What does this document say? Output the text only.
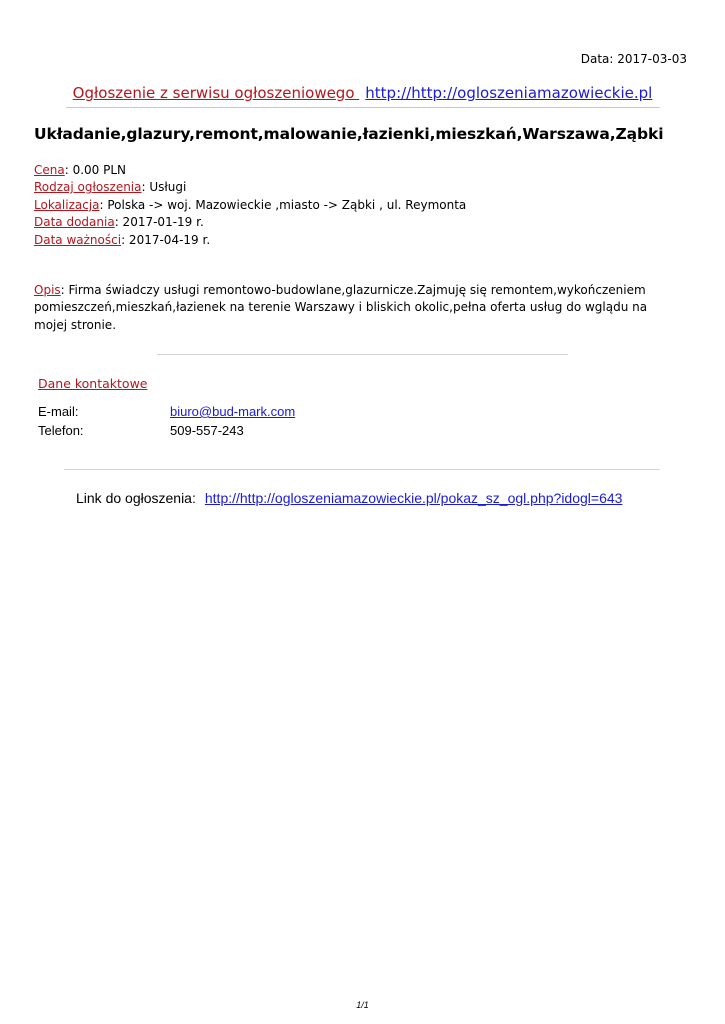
Data: 2017-03-03
Ogłoszenie z serwisu ogłoszeniowego http://http://ogloszeniamazowieckie.pl
Układanie,glazury,remont,malowanie,łazienki,mieszkań,Warszawa,Ząbki
Cena: 0.00 PLN
Rodzaj ogłoszenia: Usługi
Lokalizacja: Polska -> woj. Mazowieckie ,miasto -> Ząbki , ul. Reymonta
Data dodania: 2017-01-19 r.
Data ważności: 2017-04-19 r.
Opis: Firma świadczy usługi remontowo-budowlane,glazurnicze.Zajmuję się remontem,wykończeniem pomieszczeń,mieszkań,łazienek na terenie Warszawy i bliskich okolic,pełna oferta usług do wglądu na mojej stronie.
Dane kontaktowe
E-mail:	biuro@bud-mark.com
Telefon:	509-557-243
Link do ogłoszenia: http://http://ogloszeniamazowieckie.pl/pokaz_sz_ogl.php?idogl=643
1/1
